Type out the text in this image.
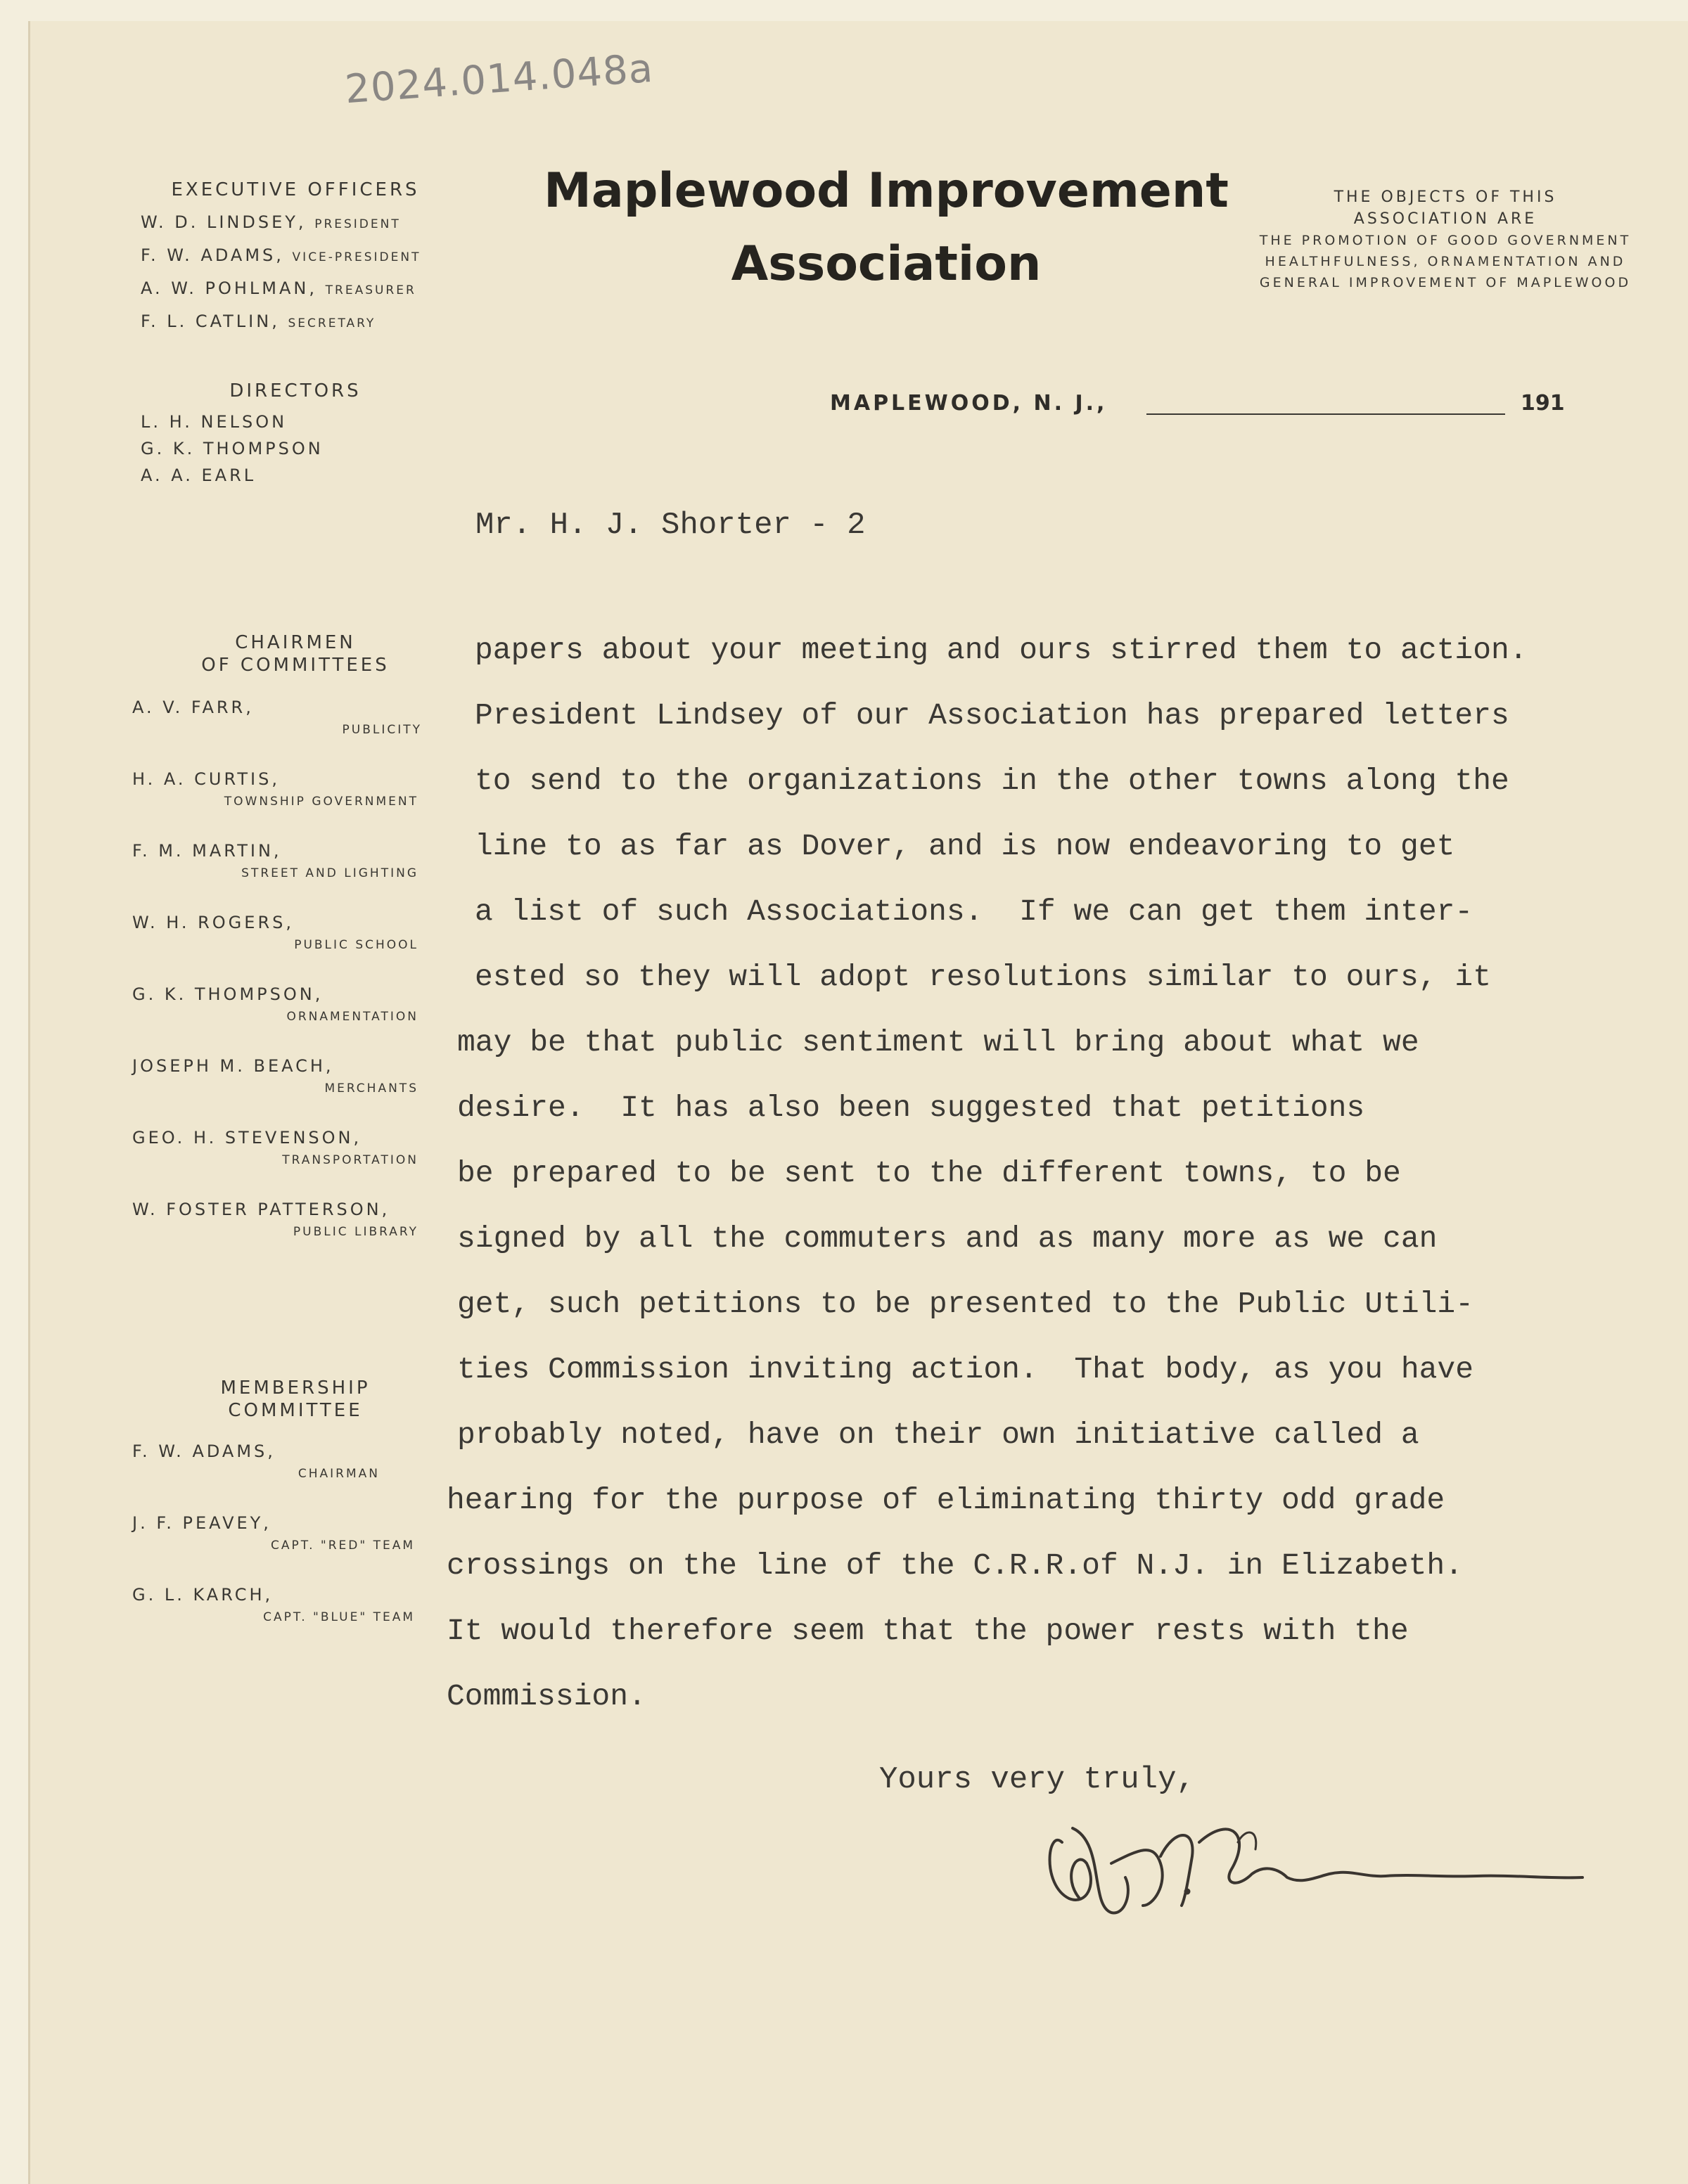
2024.014.048a
Maplewood Improvement
Association
EXECUTIVE OFFICERS
W. D. LINDSEY, PRESIDENT
F. W. ADAMS, VICE-PRESIDENT
A. W. POHLMAN, TREASURER
F. L. CATLIN, SECRETARY
DIRECTORS
L. H. NELSON
G. K. THOMPSON
A. A. EARL
CHAIRMEN
OF COMMITTEES
A. V. FARR,
PUBLICITY
H. A. CURTIS,
TOWNSHIP GOVERNMENT
F. M. MARTIN,
STREET AND LIGHTING
W. H. ROGERS,
PUBLIC SCHOOL
G. K. THOMPSON,
ORNAMENTATION
JOSEPH M. BEACH,
MERCHANTS
GEO. H. STEVENSON,
TRANSPORTATION
W. FOSTER PATTERSON,
PUBLIC LIBRARY
MEMBERSHIP
COMMITTEE
F. W. ADAMS,
CHAIRMAN
J. F. PEAVEY,
CAPT. "RED" TEAM
G. L. KARCH,
CAPT. "BLUE" TEAM
THE OBJECTS OF THIS
ASSOCIATION ARE
THE PROMOTION OF GOOD GOVERNMENT
HEALTHFULNESS, ORNAMENTATION AND
GENERAL IMPROVEMENT OF MAPLEWOOD
MAPLEWOOD, N. J.,	191
Mr. H. J. Shorter - 2
papers about your meeting and ours stirred them to action.
President Lindsey of our Association has prepared letters
to send to the organizations in the other towns along the
line to as far as Dover, and is now endeavoring to get
a list of such Associations.  If we can get them inter-
ested so they will adopt resolutions similar to ours, it
may be that public sentiment will bring about what we
desire.  It has also been suggested that petitions
be prepared to be sent to the different towns, to be
signed by all the commuters and as many more as we can
get, such petitions to be presented to the Public Utili-
ties Commission inviting action.  That body, as you have
probably noted, have on their own initiative called a
hearing for the purpose of eliminating thirty odd grade
crossings on the line of the C.R.R.of N.J. in Elizabeth.
It would therefore seem that the power rests with the
Commission.
Yours very truly,
